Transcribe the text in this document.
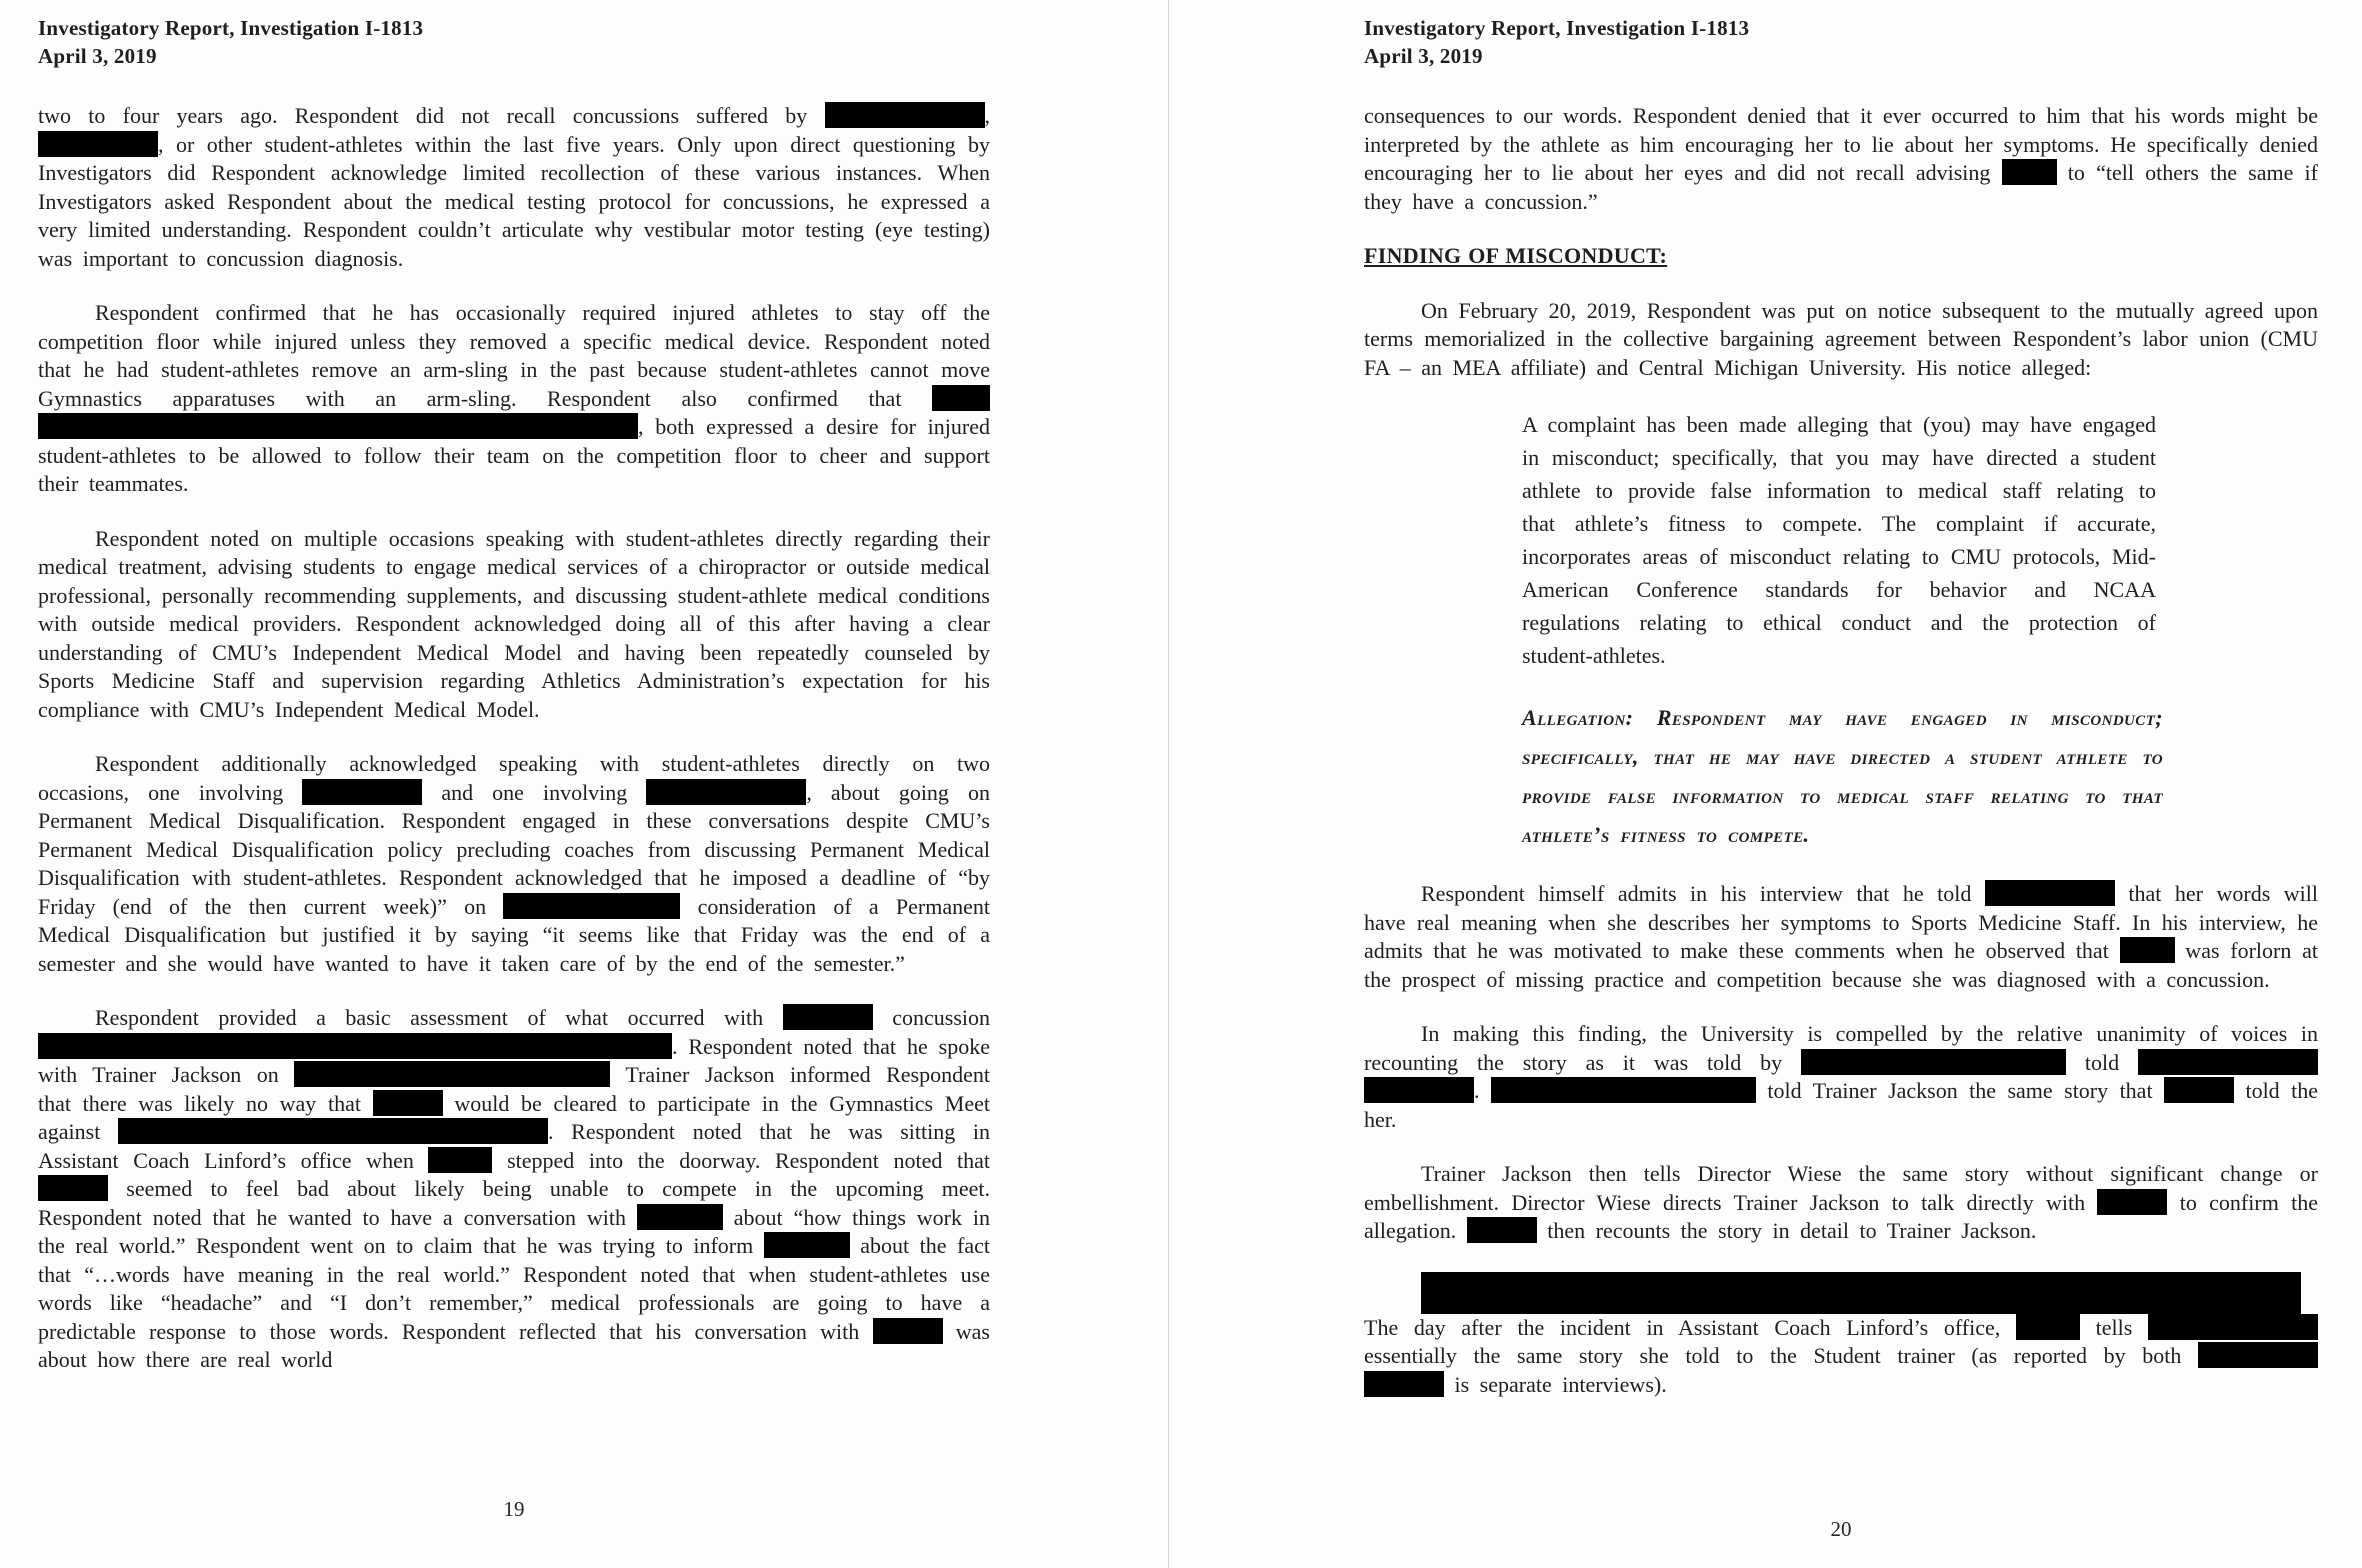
Investigatory Report, Investigation I-1813
April 3, 2019
two to four years ago. Respondent did not recall concussions suffered by	, , or other student-athletes within the last five years. Only upon direct questioning by Investigators did Respondent acknowledge limited recollection of these various instances. When Investigators asked Respondent about the medical testing protocol for concussions, he expressed a very limited understanding. Respondent couldn’t articulate why vestibular motor testing (eye testing) was important to concussion diagnosis.
Respondent confirmed that he has occasionally required injured athletes to stay off the competition floor while injured unless they removed a specific medical device. Respondent noted that he had student-athletes remove an arm-sling in the past because student-athletes cannot move Gymnastics apparatuses with an arm-sling. Respondent also confirmed that  , both expressed a desire for injured student-athletes to be allowed to follow their team on the competition floor to cheer and support their teammates.
Respondent noted on multiple occasions speaking with student-athletes directly regarding their medical treatment, advising students to engage medical services of a chiropractor or outside medical professional, personally recommending supplements, and discussing student-athlete medical conditions with outside medical providers. Respondent acknowledged doing all of this after having a clear understanding of CMU’s Independent Medical Model and having been repeatedly counseled by Sports Medicine Staff and supervision regarding Athletics Administration’s expectation for his compliance with CMU’s Independent Medical Model.
Respondent additionally acknowledged speaking with student-athletes directly on two occasions, one involving	and one involving	, about going on Permanent Medical Disqualification. Respondent engaged in these conversations despite CMU’s Permanent Medical Disqualification policy precluding coaches from discussing Permanent Medical Disqualification with student-athletes. Respondent acknowledged that he imposed a deadline of “by Friday (end of the then current week)” on	consideration of a Permanent Medical Disqualification but justified it by saying “it seems like that Friday was the end of a semester and she would have wanted to have it taken care of by the end of the semester.”
Respondent provided a basic assessment of what occurred with	concussion . Respondent noted that he spoke with Trainer Jackson on	Trainer Jackson informed Respondent that there was likely no way that	would be cleared to participate in the Gymnastics Meet against	. Respondent noted that he was sitting in Assistant Coach Linford’s office when	stepped into the doorway. Respondent noted that  seemed to feel bad about likely being unable to compete in the upcoming meet. Respondent noted that he wanted to have a conversation with	about “how things work in the real world.” Respondent went on to claim that he was trying to inform	about the fact that “…words have meaning in the real world.” Respondent noted that when student-athletes use words like “headache” and “I don’t remember,” medical professionals are going to have a predictable response to those words. Respondent reflected that his conversation with	was about how there are real world
19
Investigatory Report, Investigation I-1813
April 3, 2019
consequences to our words. Respondent denied that it ever occurred to him that his words might be interpreted by the athlete as him encouraging her to lie about her symptoms. He specifically denied encouraging her to lie about her eyes and did not recall advising	to “tell others the same if they have a concussion.”
FINDING OF MISCONDUCT:
On February 20, 2019, Respondent was put on notice subsequent to the mutually agreed upon terms memorialized in the collective bargaining agreement between Respondent’s labor union (CMU FA – an MEA affiliate) and Central Michigan University. His notice alleged:
A complaint has been made alleging that (you) may have engaged in misconduct; specifically, that you may have directed a student athlete to provide false information to medical staff relating to that athlete’s fitness to compete. The complaint if accurate, incorporates areas of misconduct relating to CMU protocols, Mid-American Conference standards for behavior and NCAA regulations relating to ethical conduct and the protection of student-athletes.
Allegation: Respondent may have engaged in misconduct; specifically, that he may have directed a student athlete to provide false information to medical staff relating to that athlete’s fitness to compete.
Respondent himself admits in his interview that he told	that her words will have real meaning when she describes her symptoms to Sports Medicine Staff. In his interview, he admits that he was motivated to make these comments when he observed that	was forlorn at the prospect of missing practice and competition because she was diagnosed with a concussion.
In making this finding, the University is compelled by the relative unanimity of voices in recounting the story as it was told by	told  .	told Trainer Jackson the same story that	told the her.
Trainer Jackson then tells Director Wiese the same story without significant change or embellishment. Director Wiese directs Trainer Jackson to talk directly with	to confirm the allegation.	then recounts the story in detail to Trainer Jackson.
The day after the incident in Assistant Coach Linford’s office,	tells  essentially the same story she told to the Student trainer (as reported by both   is separate interviews).
20
